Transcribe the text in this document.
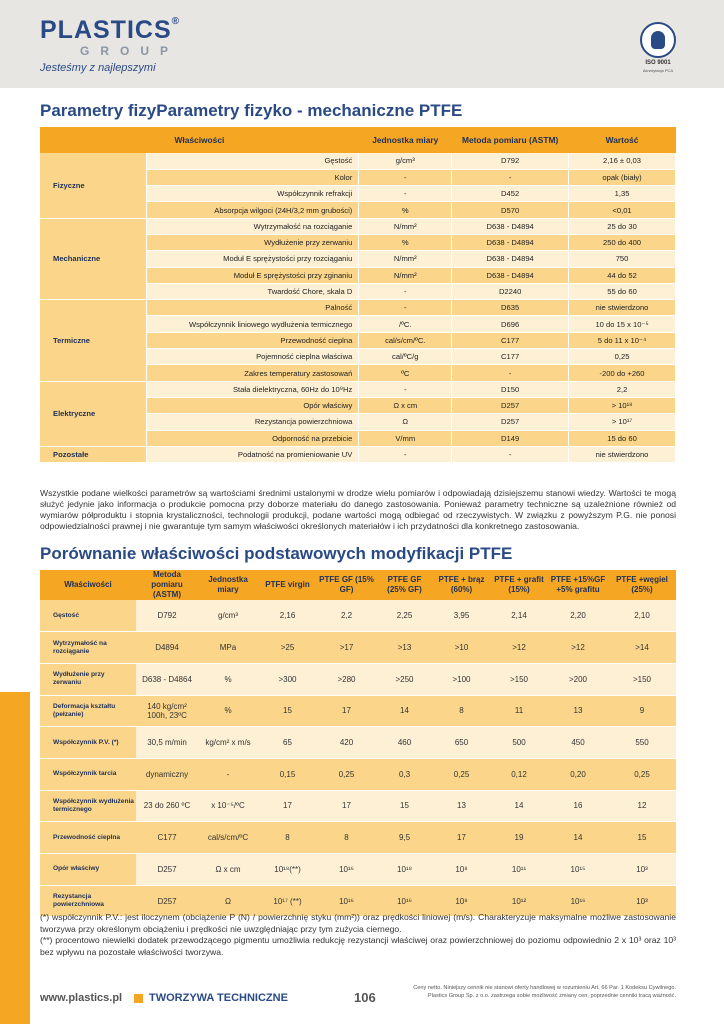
PLASTICS®
GROUP
Jesteśmy z najlepszymi	ISO 9001
Akredytacja PCA
Parametry fizyParametry fizyko - mechaniczne PTFE
Właściwości		Jednostka miary	Metoda pomiaru (ASTM)	Wartość
Fizyczne	Gęstość	g/cm³	D792	2,16 ± 0,03
	Kolor	-	-	opak (biały)
	Współczynnik refrakcji	-	D452	1,35
	Absorpcja wilgoci (24H/3,2 mm grubości)	%	D570	<0,01
Mechaniczne	Wytrzymałość na rozciąganie	N/mm²	D638 - D4894	25 do 30
	Wydłużenie przy zerwaniu	%	D638 - D4894	250 do 400
	Moduł E sprężystości przy rozciąganiu	N/mm²	D638 - D4894	750
	Moduł E sprężystości przy zginaniu	N/mm²	D638 - D4894	44 do 52
	Twardość Chore, skala D	-	D2240	55 do 60
Termiczne	Palność	-	D635	nie stwierdzono
	Współczynnik liniowego wydłużenia termicznego	/ºC.	D696	10 do 15 x 10⁻⁵
	Przewodność cieplna	cal/s/cm/ºC.	C177	5 do 11 x 10⁻⁴
	Pojemność cieplna właściwa	cal/ºC/g	C177	0,25
	Zakres temperatury zastosowań	ºC	-	-200 do +260
Elektryczne	Stała dielektryczna, 60Hz do 10⁹Hz	-	D150	2,2
	Opór właściwy	Ω x cm	D257	> 10¹⁸
	Rezystancja powierzchniowa	Ω	D257	> 10¹⁷
	Odporność na przebicie	V/mm	D149	15 do 60
Pozostałe	Podatność na promieniowanie UV	-	-	nie stwierdzono
Wszystkie podane wielkości parametrów są wartościami średnimi ustalonymi w drodze wielu pomiarów i odpowiadają dzisiejszemu stanowi wiedzy. Wartości te mogą służyć jedynie jako informacja o produkcie pomocna przy doborze materiału do danego zastosowania. Ponieważ parametry techniczne są uzależnione również od wymiarów półproduktu i stopnia krystaliczności, technologii produkcji, podane wartości mogą odbiegać od rzeczywistych. W związku z powyższym P.G. nie ponosi odpowiedzialności prawnej i nie gwarantuje tym samym właściwości określonych materiałów i ich przydatności dla konkretnego zastosowania.
Porównanie właściwości podstawowych modyfikacji PTFE
Właściwości	Metoda pomiaru (ASTM)	Jednostka miary	PTFE virgin	PTFE GF (15% GF)	PTFE GF (25% GF)	PTFE + brąz (60%)	PTFE + grafit (15%)	PTFE +15%GF +5% grafitu	PTFE +węgiel (25%)
Gęstość	D792	g/cm³	2,16	2,2	2,25	3,95	2,14	2,20	2,10
Wytrzymałość na rozciąganie	D4894	MPa	>25	>17	>13	>10	>12	>12	>14
Wydłużenie przy zerwaniu	D638 - D4864	%	>300	>280	>250	>100	>150	>200	>150
Deformacja kształtu (pełzanie)	140 kg/cm² 100h, 23ºC	%	15	17	14	8	11	13	9
Współczynnik P.V. (*)	30,5 m/min	kg/cm² x m/s	65	420	460	650	500	450	550
Współczynnik tarcia	dynamiczny	-	0,15	0,25	0,3	0,25	0,12	0,20	0,25
Współczynnik wydłużenia termicznego	23 do 260 ºC	x 10⁻⁵/ºC	17	17	15	13	14	16	12
Przewodność cieplna	C177	cal/s/cm/ºC	8	8	9,5	17	19	14	15
Opór właściwy	D257	Ω x cm	10¹⁸(**)	10¹⁶	10¹⁸	10⁸	10¹¹	10¹⁵	10³
Rezystancja powierzchniowa	D257	Ω	10¹⁷ (**)	10¹⁶	10¹⁶	10⁸	10¹²	10¹⁶	10³

(*) współczynnik P.V.: jest iloczynem (obciążenie P (N) / powierzchnię styku (mm²)) oraz prędkości liniowej (m/s). Charakteryzuje maksymalne możliwe zastosowanie tworzywa przy określonym obciążeniu i prędkości nie uwzględniając przy tym zużycia ciernego.

(**) procentowo niewielki dodatek przewodzącego pigmentu umożliwia redukcję rezystancji właściwej oraz powierzchniowej do poziomu odpowiednio 2 x 10³ oraz 10³ bez wpływu na pozostałe właściwości tworzywa.

www.plastics.pl TWORZYWA TECHNICZNE	106
Ceny netto. Niniejszy cennik nie stanowi oferty handlowej w rozumieniu Art. 66 Par. 1 Kodeksu Cywilnego.
Plastics Group Sp. z o.o. zastrzega sobie możliwość zmiany cen, poprzednie cenniki tracą ważność.
